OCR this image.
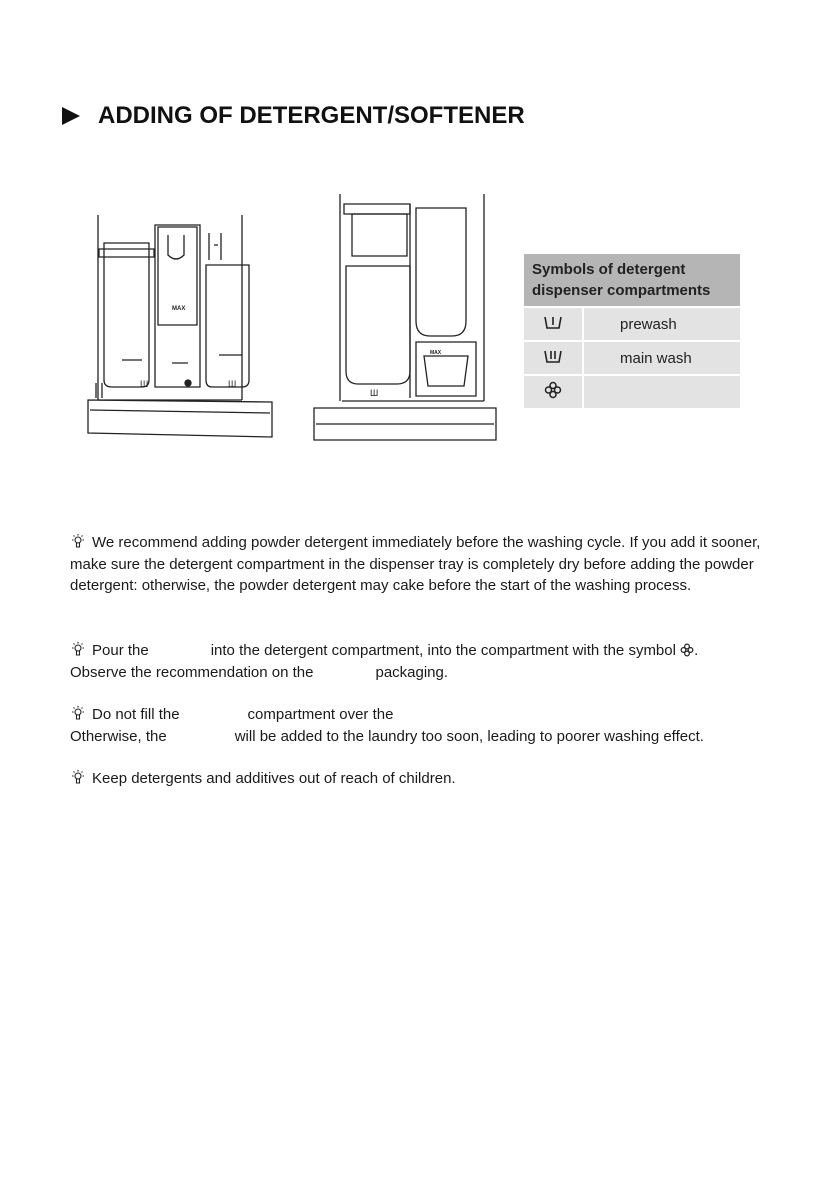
ADDING OF DETERGENT/SOFTENER
MAX
Ш	Ш
MAX
Ш
Symbols of detergent dispenser compartments	
	prewash
	main wash

We recommend adding powder detergent immediately before the washing cycle. If you add it sooner, make sure the detergent compartment in the dispenser tray is completely dry before adding the powder detergent: otherwise, the powder detergent may cake before the start of the washing process.
Pour the	into the detergent compartment, into the compartment with the symbol .
Observe the recommendation on the	packaging.
Do not fill the	compartment over the
Otherwise, the	will be added to the laundry too soon, leading to poorer washing effect.
Keep detergents and additives out of reach of children.
